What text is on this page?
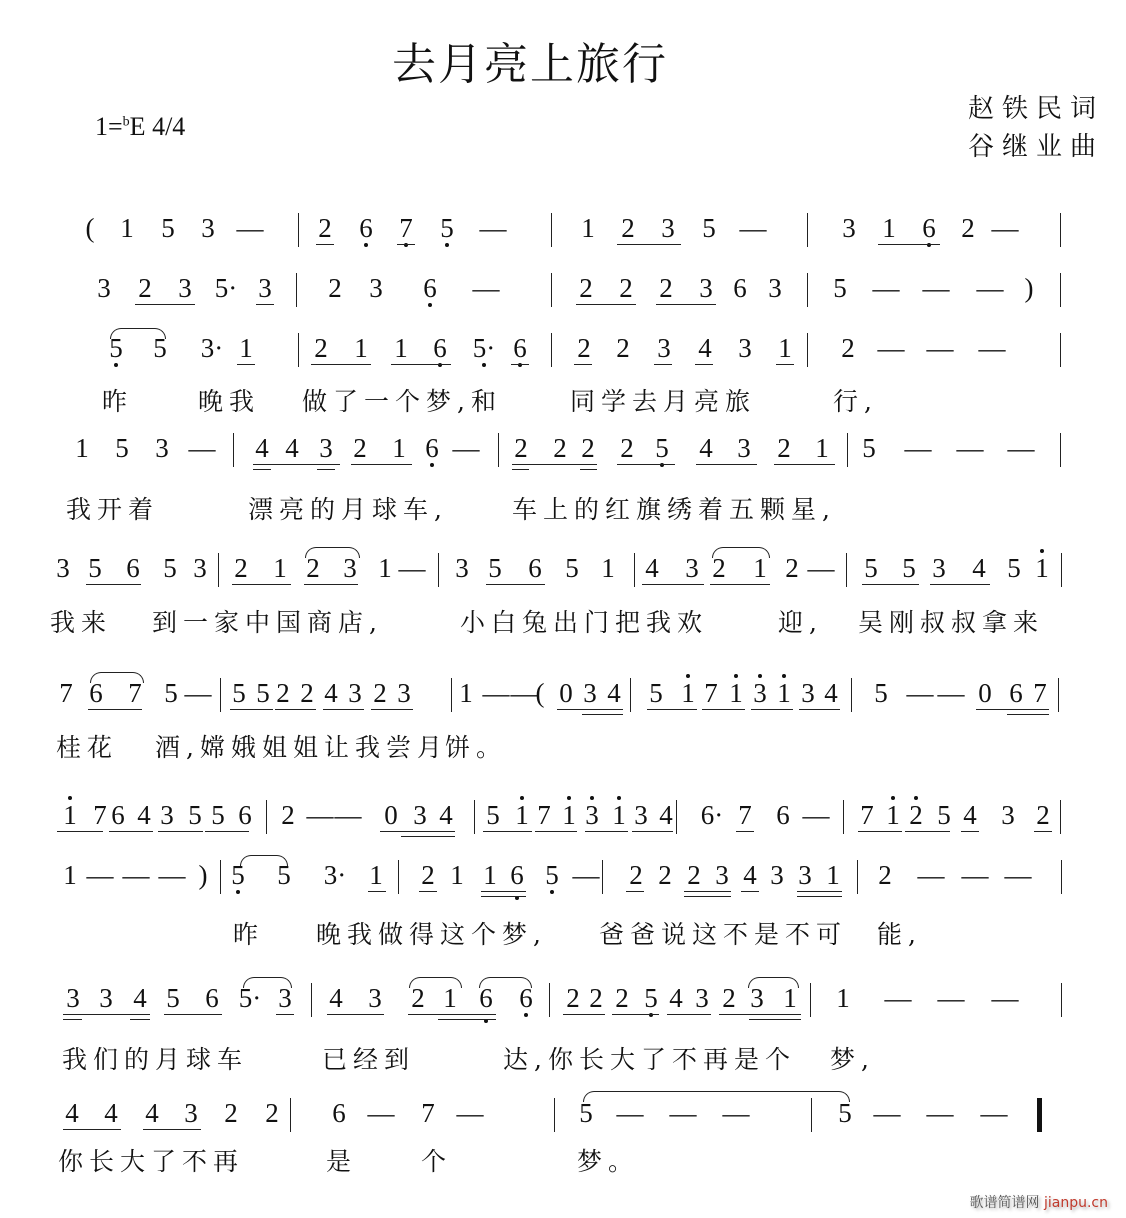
去月亮上旅行
1=$^b$E 4/4
赵铁民词
谷继业曲
( 1 5 3 — 2 6 7 5 —	1 2 3 5 —	3 1 6 2 —
3 2 3 5· 3 2 3 6 —	2 2 2 3 6 3 5 — — — )
5 5 3· 1 2 1 1 6 5· 6 2 2 3 4 3 1 2 — — —
昨	晚我 做了一个梦,和	同学去月亮旅	行,
1 5 3 — 4 4 3 2 1 6 — 2 2 2 2 5 4 3 2 1 5 — — —
我开着	漂亮的月球车,	车上的红旗绣着五颗星,
3 5 6 5 3 2 1 2 3 1 — 3 5 6 5 1 4 3 2 1 2 — 5 5 3 4 5 1
我来 到一家中国商店,	小白兔出门把我欢	迎, 吴刚叔叔拿来
7 6 7 5 — 5 5 2 2 4 3 2 3 1 — —
( 0 3 4 5 1 7 1 3 1 3 4 5 — — 0 6 7
桂花 酒,嫦娥姐姐让我尝月
饼。
1 7 6 4 3 5 5 6 2 — — 0 3 4 5 1 7 1 3 1 3 4 6· 7 6 — 7 1 2 5 4 3 2
1 — — — ) 5 5 3· 1 2 1 1 6 5 — 2 2 2 3 4 3 3 1 2 — — —
昨 晚我做得这个梦, 爸爸说这不是不可 能,
3 3 4 5 6 5· 3 4 3 2 1 6 6 2 2 2 5 4 3 2 3 1 1 — — —
我们的月球车	已经到	达,你长大了不再是个 梦,
4 4 4 3 2 2 6 — 7 —	5 — — —	5 — — —
你长大了不再	是	个	梦。
歌谱简谱网 jianpu.cn
